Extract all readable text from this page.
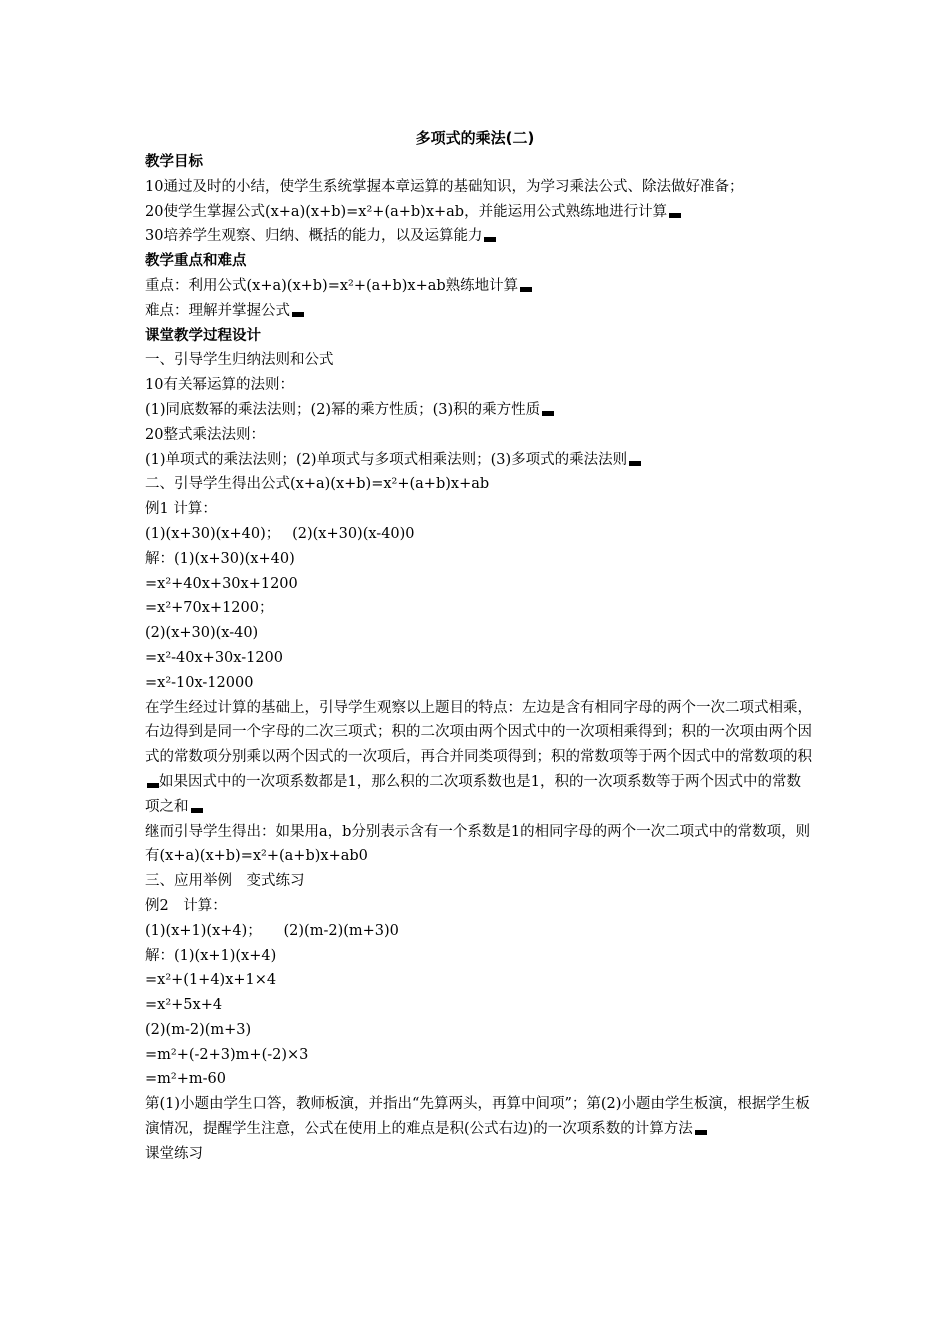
多项式的乘法(二)

教学目标

10通过及时的小结，使学生系统掌握本章运算的基础知识，为学习乘法公式、除法做好准备；

20使学生掌握公式(x+a)(x+b)=x²+(a+b)x+ab，并能运用公式熟练地进行计算

30培养学生观察、归纳、概括的能力，以及运算能力

教学重点和难点

重点：利用公式(x+a)(x+b)=x²+(a+b)x+ab熟练地计算

难点：理解并掌握公式

课堂教学过程设计

一、引导学生归纳法则和公式

10有关幂运算的法则：

(1)同底数幂的乘法法则；(2)幂的乘方性质；(3)积的乘方性质

20整式乘法法则：

(1)单项式的乘法法则；(2)单项式与多项式相乘法则；(3)多项式的乘法法则

二、引导学生得出公式(x+a)(x+b)=x²+(a+b)x+ab

例1 计算：

(1)(x+30)(x+40)；　 (2)(x+30)(x-40)0

解：(1)(x+30)(x+40)

=x²+40x+30x+1200

=x²+70x+1200；

(2)(x+30)(x-40)

=x²-40x+30x-1200

=x²-10x-12000

在学生经过计算的基础上，引导学生观察以上题目的特点：左边是含有相同字母的两个一次二项式相乘，右边得到是同一个字母的二次三项式；积的二次项由两个因式中的一次项相乘得到；积的一次项由两个因式的常数项分别乘以两个因式的一次项后，再合并同类项得到；积的常数项等于两个因式中的常数项的积如果因式中的一次项系数都是1，那么积的二次项系数也是1，积的一次项系数等于两个因式中的常数项之和

继而引导学生得出：如果用a，b分别表示含有一个系数是1的相同字母的两个一次二项式中的常数项，则有(x+a)(x+b)=x²+(a+b)x+ab0

三、应用举例　变式练习

例2　计算：

(1)(x+1)(x+4)；　　(2)(m-2)(m+3)0

解：(1)(x+1)(x+4)

=x²+(1+4)x+1×4

=x²+5x+4

(2)(m-2)(m+3)

=m²+(-2+3)m+(-2)×3

=m²+m-60

第(1)小题由学生口答，教师板演，并指出“先算两头，再算中间项”；第(2)小题由学生板演，根据学生板演情况，提醒学生注意，公式在使用上的难点是积(公式右边)的一次项系数的计算方法

课堂练习
